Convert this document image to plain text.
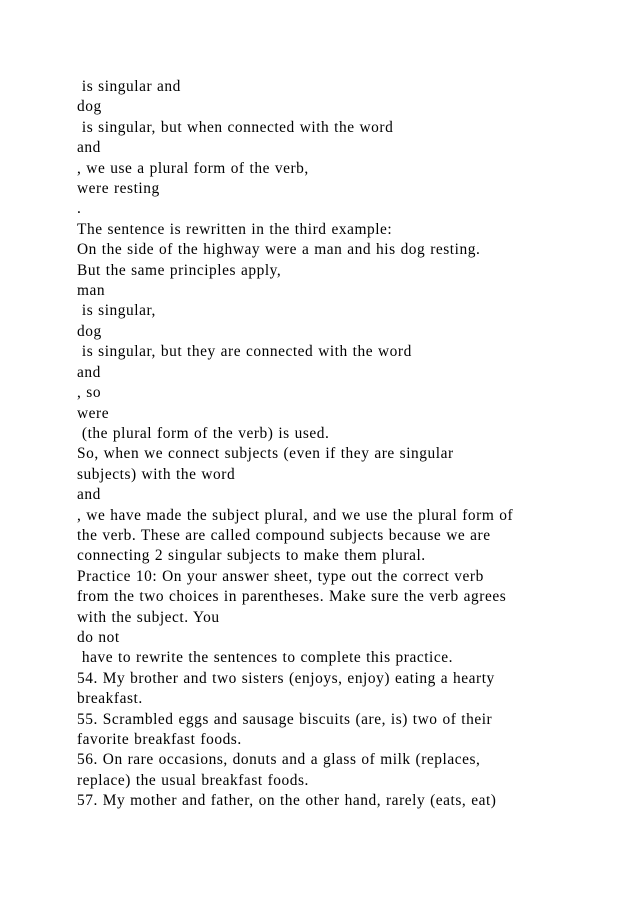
is singular and
dog
is singular, but when connected with the word
and
, we use a plural form of the verb,
were resting
.
The sentence is rewritten in the third example:
On the side of the highway were a man and his dog resting.
But the same principles apply,
man
is singular,
dog
is singular, but they are connected with the word
and
, so
were
(the plural form of the verb) is used.
So, when we connect subjects (even if they are singular
subjects) with the word
and
, we have made the subject plural, and we use the plural form of
the verb. These are called compound subjects because we are
connecting 2 singular subjects to make them plural.
Practice 10: On your answer sheet, type out the correct verb
from the two choices in parentheses. Make sure the verb agrees
with the subject. You
do not
have to rewrite the sentences to complete this practice.
54. My brother and two sisters (enjoys, enjoy) eating a hearty
breakfast.
55. Scrambled eggs and sausage biscuits (are, is) two of their
favorite breakfast foods.
56. On rare occasions, donuts and a glass of milk (replaces,
replace) the usual breakfast foods.
57. My mother and father, on the other hand, rarely (eats, eat)
